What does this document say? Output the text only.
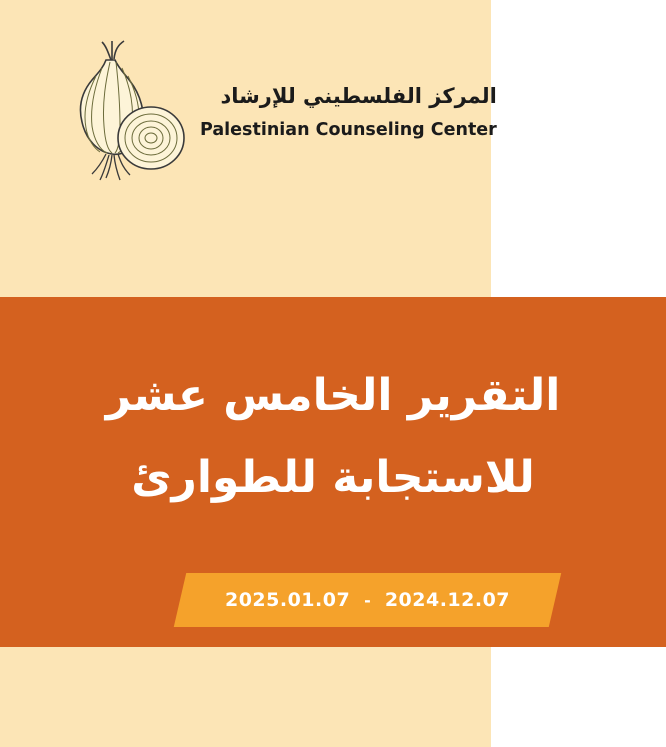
المركز الفلسطيني للإرشاد
Palestinian Counseling Center
التقرير الخامس عشر
للاستجابة للطوارئ
2025.01.07 - 2024.12.07
